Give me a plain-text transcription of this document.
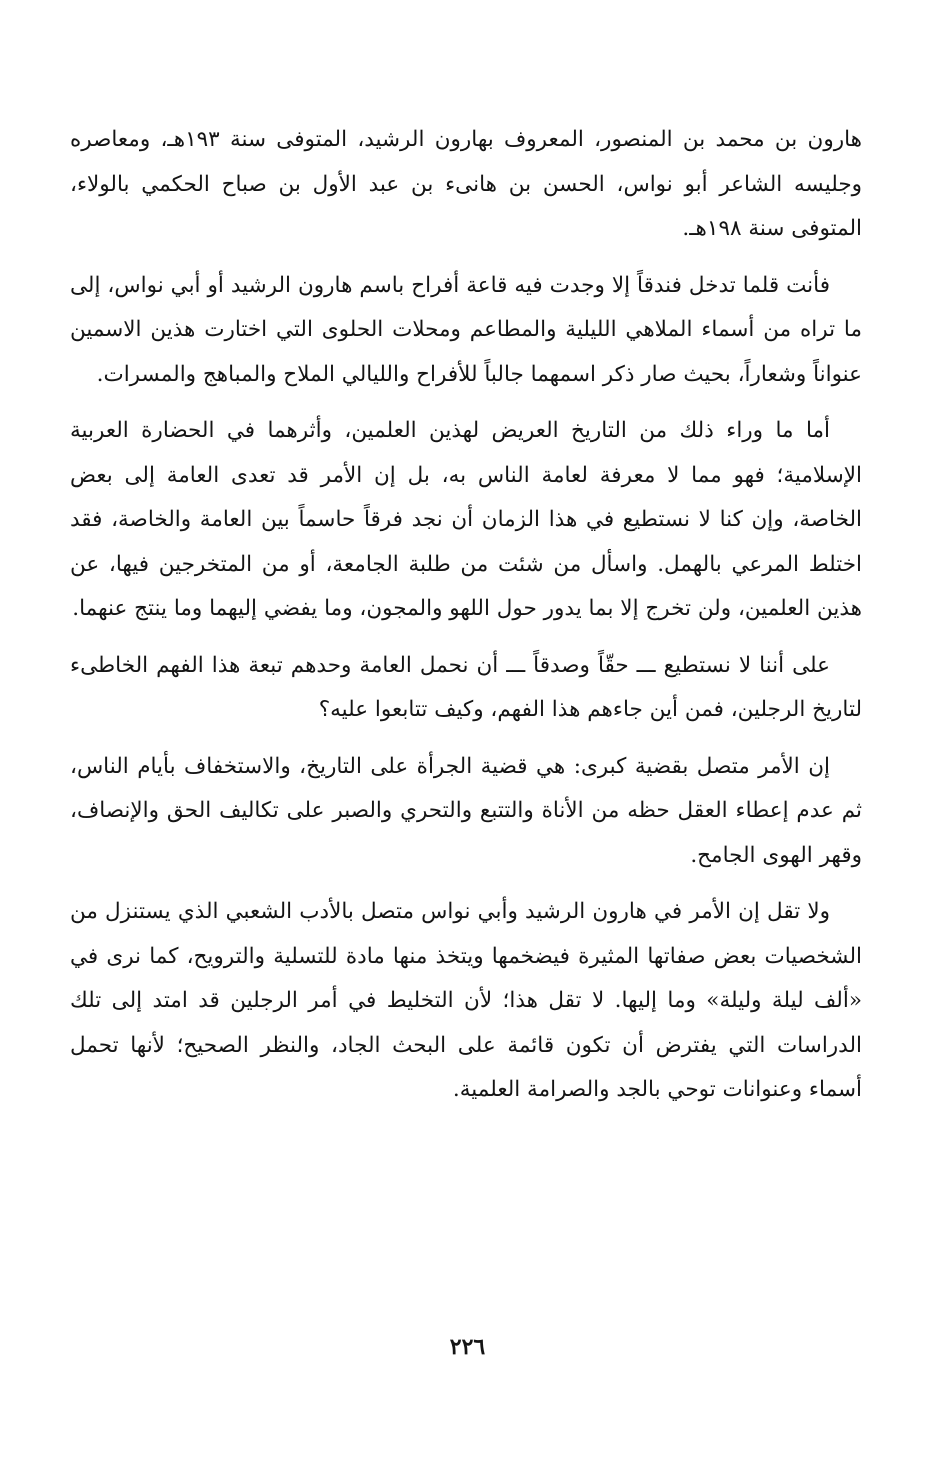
هارون بن محمد بن المنصور، المعروف بهارون الرشيد، المتوفى سنة ١٩٣هـ، ومعاصره وجليسه الشاعر أبو نواس، الحسن بن هانىء بن عبد الأول بن صباح الحكمي بالولاء، المتوفى سنة ١٩٨هـ.

فأنت قلما تدخل فندقاً إلا وجدت فيه قاعة أفراح باسم هارون الرشيد أو أبي نواس، إلى ما تراه من أسماء الملاهي الليلية والمطاعم ومحلات الحلوى التي اختارت هذين الاسمين عنواناً وشعاراً، بحيث صار ذكر اسمهما جالباً للأفراح والليالي الملاح والمباهج والمسرات.

أما ما وراء ذلك من التاريخ العريض لهذين العلمين، وأثرهما في الحضارة العربية الإسلامية؛ فهو مما لا معرفة لعامة الناس به، بل إن الأمر قد تعدى العامة إلى بعض الخاصة، وإن كنا لا نستطيع في هذا الزمان أن نجد فرقاً حاسماً بين العامة والخاصة، فقد اختلط المرعي بالهمل. واسأل من شئت من طلبة الجامعة، أو من المتخرجين فيها، عن هذين العلمين، ولن تخرج إلا بما يدور حول اللهو والمجون، وما يفضي إليهما وما ينتج عنهما.

على أننا لا نستطيع ـــ حقّاً وصدقاً ـــ أن نحمل العامة وحدهم تبعة هذا الفهم الخاطىء لتاريخ الرجلين، فمن أين جاءهم هذا الفهم، وكيف تتابعوا عليه؟

إن الأمر متصل بقضية كبرى: هي قضية الجرأة على التاريخ، والاستخفاف بأيام الناس، ثم عدم إعطاء العقل حظه من الأناة والتتبع والتحري والصبر على تكاليف الحق والإنصاف، وقهر الهوى الجامح.

ولا تقل إن الأمر في هارون الرشيد وأبي نواس متصل بالأدب الشعبي الذي يستنزل من الشخصيات بعض صفاتها المثيرة فيضخمها ويتخذ منها مادة للتسلية والترويح، كما نرى في «ألف ليلة وليلة» وما إليها. لا تقل هذا؛ لأن التخليط في أمر الرجلين قد امتد إلى تلك الدراسات التي يفترض أن تكون قائمة على البحث الجاد، والنظر الصحيح؛ لأنها تحمل أسماء وعنوانات توحي بالجد والصرامة العلمية.

٢٢٦
